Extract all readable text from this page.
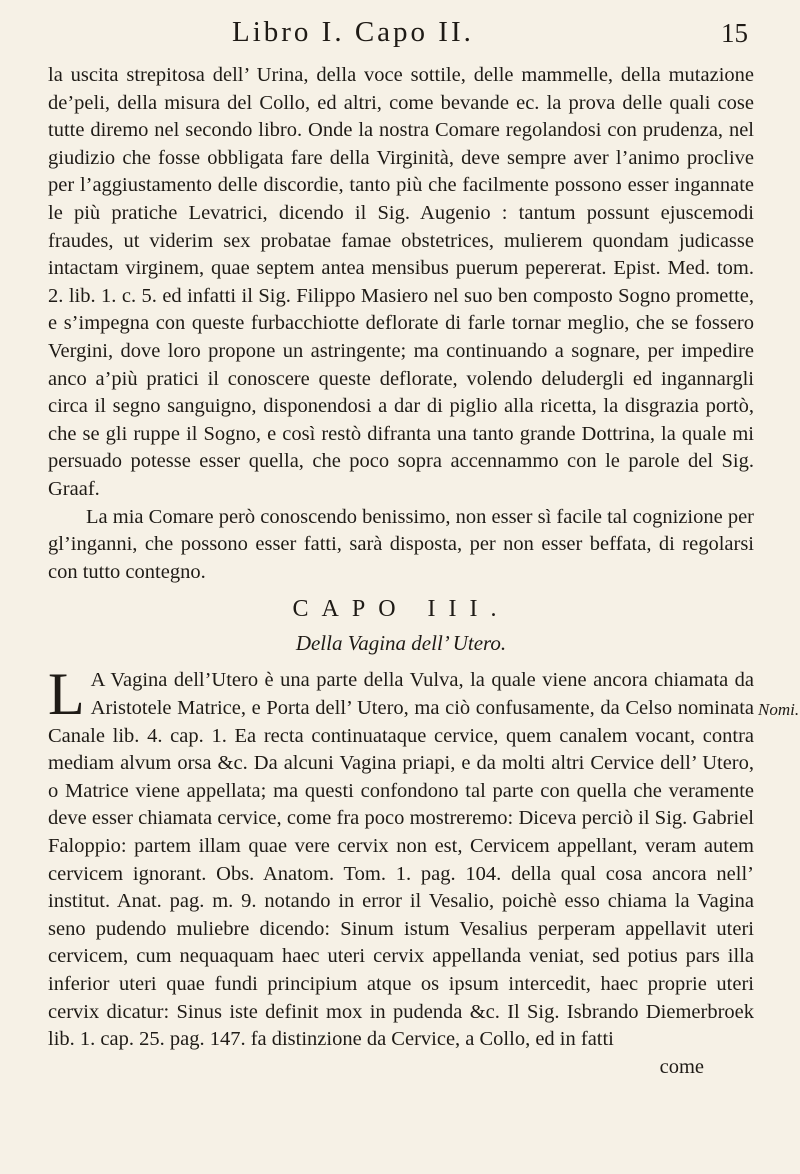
Libro I. Capo II.	15

la uscita strepitosa dell’ Urina, della voce sottile, delle mammelle, della mutazione de’peli, della misura del Collo, ed altri, come bevande ec. la prova delle quali cose tutte diremo nel secondo libro. Onde la nostra Comare regolandosi con prudenza, nel giudizio che fosse obbligata fare della Virginità, deve sempre aver l’animo proclive per l’aggiustamento delle discordie, tanto più che facilmente possono esser ingannate le più pratiche Levatrici, dicendo il Sig. Augenio : tantum possunt ejuscemodi fraudes, ut viderim sex probatae famae obstetrices, mulierem quondam judicasse intactam virginem, quae septem antea mensibus puerum pepererat. Epist. Med. tom. 2. lib. 1. c. 5. ed infatti il Sig. Filippo Masiero nel suo ben composto Sogno promette, e s’impegna con queste furbacchiotte deflorate di farle tornar meglio, che se fossero Vergini, dove loro propone un astringente; ma continuando a sognare, per impedire anco a’più pratici il conoscere queste deflorate, volendo deludergli ed ingannargli circa il segno sanguigno, disponendosi a dar di piglio alla ricetta, la disgrazia portò, che se gli ruppe il Sogno, e così restò difranta una tanto grande Dottrina, la quale mi persuado potesse esser quella, che poco sopra accennammo con le parole del Sig. Graaf.

La mia Comare però conoscendo benissimo, non esser sì facile tal cognizione per gl’inganni, che possono esser fatti, sarà disposta, per non esser beffata, di regolarsi con tutto contegno.

CAPO III.
Della Vagina dell’ Utero.

L A Vagina dell’Utero è una parte della Vulva, la quale viene ancora chiamata da Aristotele Matrice, e Porta dell’ Utero, ma ciò confusamente, da Celso nominata Canale lib. 4. cap. 1. Ea recta continuataque cervice, quem canalem vocant, contra mediam alvum orsa &c. Da alcuni Vagina priapi, e da molti altri Cervice dell’ Utero, o Matrice viene appellata; ma questi confondono tal parte con quella che veramente deve esser chiamata cervice, come fra poco mostreremo: Diceva perciò il Sig. Gabriel Faloppio: partem illam quae vere cervix non est, Cervicem appellant, veram autem cervicem ignorant. Obs. Anatom. Tom. 1. pag. 104. della qual cosa ancora nell’ institut. Anat. pag. m. 9. notando in error il Vesalio, poichè esso chiama la Vagina seno pudendo muliebre dicendo: Sinum istum Vesalius perperam appellavit uteri cervicem, cum nequaquam haec uteri cervix appellanda veniat, sed potius pars illa inferior uteri quae fundi principium atque os ipsum intercedit, haec proprie uteri cervix dicatur: Sinus iste definit mox in pudenda &c. Il Sig. Isbrando Diemerbroek lib. 1. cap. 25. pag. 147. fa distinzione da Cervice, a Collo, ed in fatti

come

Nomi.
